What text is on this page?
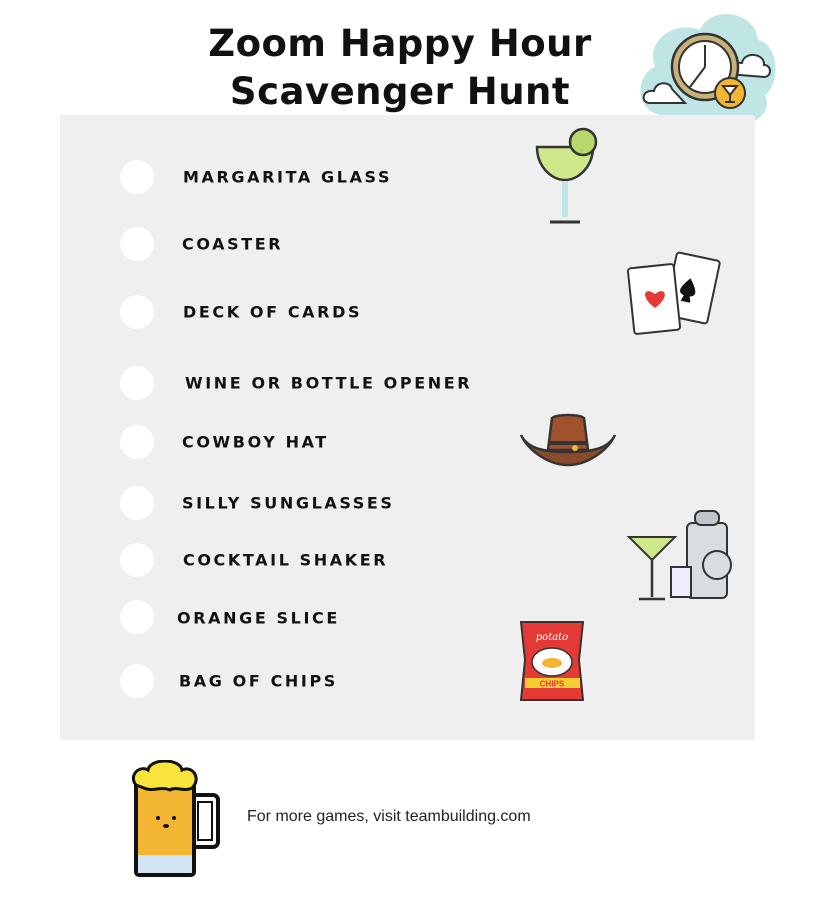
Zoom Happy Hour
Scavenger Hunt
MARGARITA GLASS
COASTER
DECK OF CARDS
WINE OR BOTTLE OPENER
COWBOY HAT
SILLY SUNGLASSES
COCKTAIL SHAKER
ORANGE SLICE
BAG OF CHIPS
potato
CHIPS
For more games, visit teambuilding.com
